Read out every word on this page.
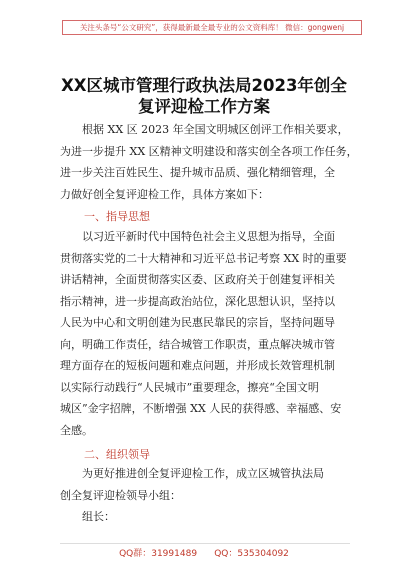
关注头条号“公文研究”，获得最新最全最专业的公文资料库！ 微信：gongwenj
XX区城市管理行政执法局2023年创全
复评迎检工作方案
根据 XX 区 2023 年全国文明城区创评工作相关要求，
为进一步提升 XX 区精神文明建设和落实创全各项工作任务，
进一步关注百姓民生、提升城市品质、强化精细管理，全
力做好创全复评迎检工作，具体方案如下：
一、指导思想
以习近平新时代中国特色社会主义思想为指导，全面
贯彻落实党的二十大精神和习近平总书记考察 XX 时的重要
讲话精神，全面贯彻落实区委、区政府关于创建复评相关
指示精神，进一步提高政治站位，深化思想认识，坚持以
人民为中心和文明创建为民惠民靠民的宗旨，坚持问题导
向，明确工作责任，结合城管工作职责，重点解决城市管
理方面存在的短板问题和难点问题，并形成长效管理机制
以实际行动践行“人民城市”重要理念，擦亮“全国文明
城区”金字招牌，不断增强 XX 人民的获得感、幸福感、安
全感。
二、组织领导
为更好推进创全复评迎检工作，成立区城管执法局
创全复评迎检领导小组：
组长：
QQ群：31991489      QQ：535304092
